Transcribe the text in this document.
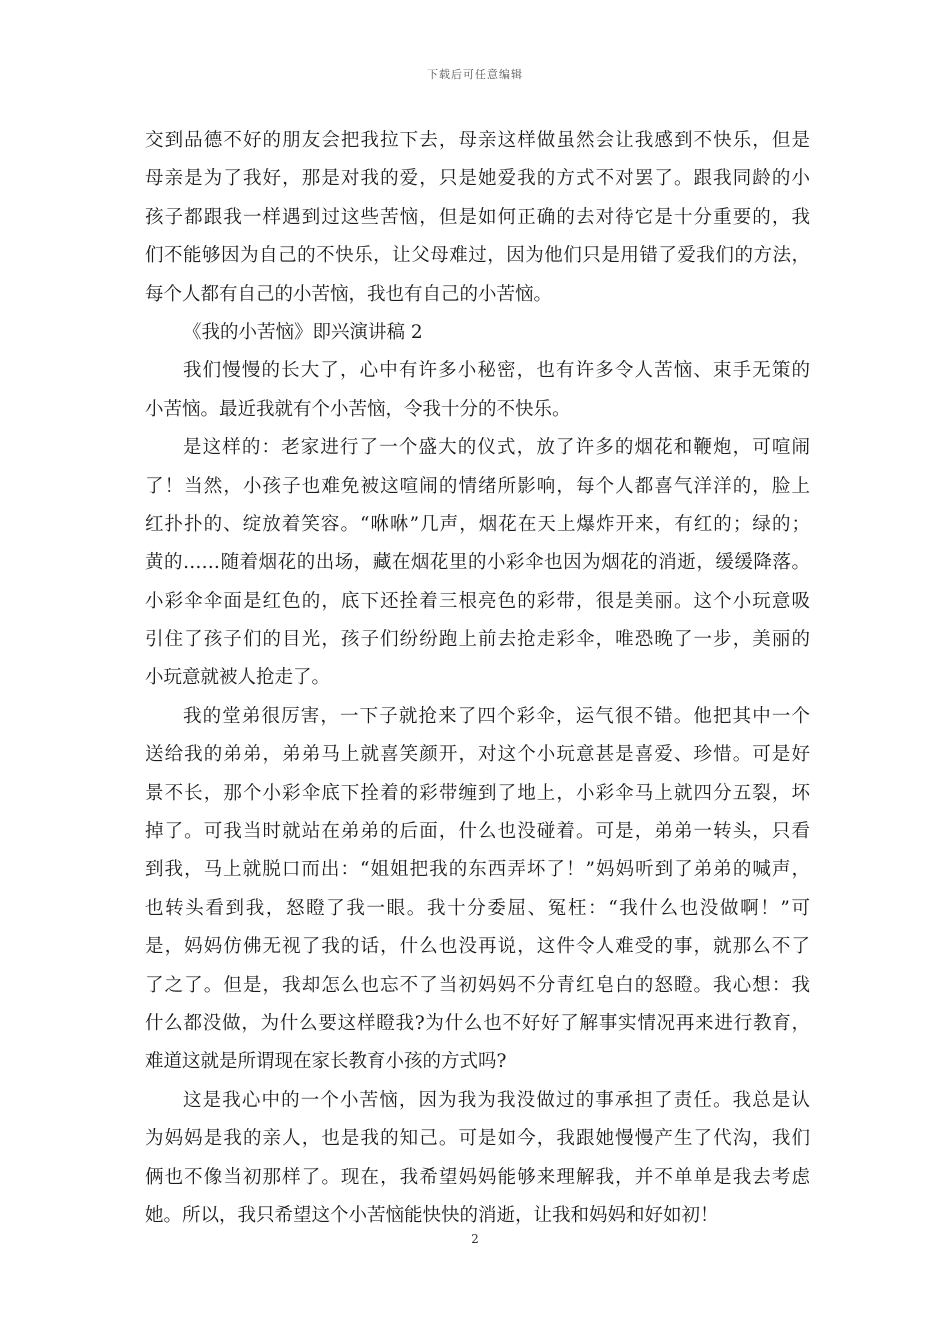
下载后可任意编辑
交到品德不好的朋友会把我拉下去，母亲这样做虽然会让我感到不快乐，但是
母亲是为了我好，那是对我的爱，只是她爱我的方式不对罢了。跟我同龄的小
孩子都跟我一样遇到过这些苦恼，但是如何正确的去对待它是十分重要的，我
们不能够因为自己的不快乐，让父母难过，因为他们只是用错了爱我们的方法，
每个人都有自己的小苦恼，我也有自己的小苦恼。
《我的小苦恼》即兴演讲稿 2
我们慢慢的长大了，心中有许多小秘密，也有许多令人苦恼、束手无策的
小苦恼。最近我就有个小苦恼，令我十分的不快乐。
是这样的：老家进行了一个盛大的仪式，放了许多的烟花和鞭炮，可喧闹
了！当然，小孩子也难免被这喧闹的情绪所影响，每个人都喜气洋洋的，脸上
红扑扑的、绽放着笑容。“咻咻”几声，烟花在天上爆炸开来，有红的；绿的；
黄的……随着烟花的出场，藏在烟花里的小彩伞也因为烟花的消逝，缓缓降落。
小彩伞伞面是红色的，底下还拴着三根亮色的彩带，很是美丽。这个小玩意吸
引住了孩子们的目光，孩子们纷纷跑上前去抢走彩伞，唯恐晚了一步，美丽的
小玩意就被人抢走了。
我的堂弟很厉害，一下子就抢来了四个彩伞，运气很不错。他把其中一个
送给我的弟弟，弟弟马上就喜笑颜开，对这个小玩意甚是喜爱、珍惜。可是好
景不长，那个小彩伞底下拴着的彩带缠到了地上，小彩伞马上就四分五裂，坏
掉了。可我当时就站在弟弟的后面，什么也没碰着。可是，弟弟一转头，只看
到我，马上就脱口而出：“姐姐把我的东西弄坏了！”妈妈听到了弟弟的喊声，
也转头看到我，怒瞪了我一眼。我十分委屈、冤枉：“我什么也没做啊！”可
是，妈妈仿佛无视了我的话，什么也没再说，这件令人难受的事，就那么不了
了之了。但是，我却怎么也忘不了当初妈妈不分青红皂白的怒瞪。我心想：我
什么都没做，为什么要这样瞪我?为什么也不好好了解事实情况再来进行教育，
难道这就是所谓现在家长教育小孩的方式吗?
这是我心中的一个小苦恼，因为我为我没做过的事承担了责任。我总是认
为妈妈是我的亲人，也是我的知己。可是如今，我跟她慢慢产生了代沟，我们
俩也不像当初那样了。现在，我希望妈妈能够来理解我，并不单单是我去考虑
她。所以，我只希望这个小苦恼能快快的消逝，让我和妈妈和好如初！
2
